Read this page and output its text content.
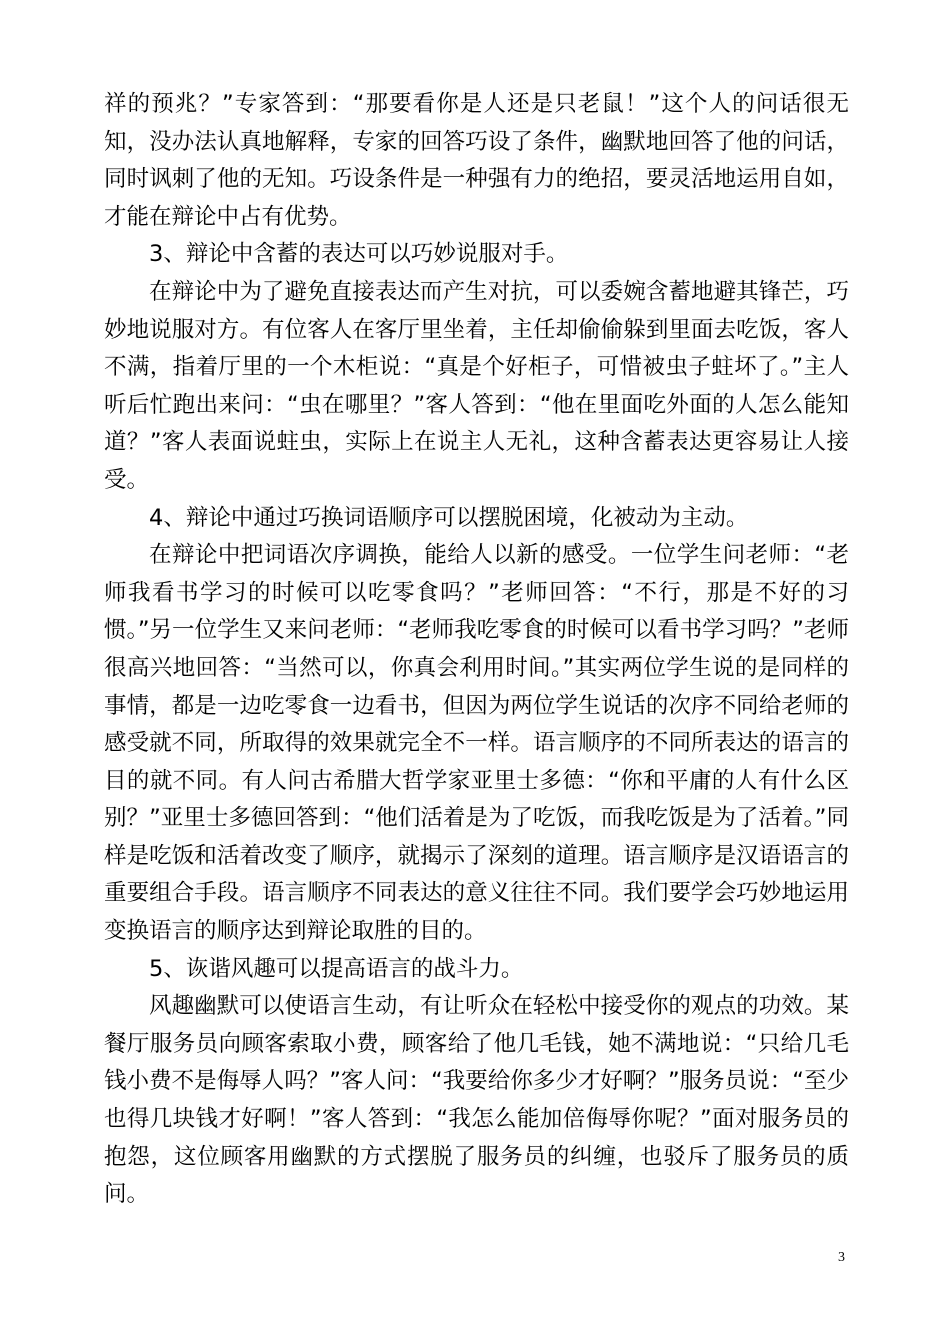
祥的预兆？”专家答到：“那要看你是人还是只老鼠！”这个人的问话很无知，没办法认真地解释，专家的回答巧设了条件，幽默地回答了他的问话，同时讽刺了他的无知。巧设条件是一种强有力的绝招，要灵活地运用自如，才能在辩论中占有优势。

3、辩论中含蓄的表达可以巧妙说服对手。

在辩论中为了避免直接表达而产生对抗，可以委婉含蓄地避其锋芒，巧妙地说服对方。有位客人在客厅里坐着，主任却偷偷躲到里面去吃饭，客人不满，指着厅里的一个木柜说：“真是个好柜子，可惜被虫子蛀坏了。”主人听后忙跑出来问：“虫在哪里？”客人答到：“他在里面吃外面的人怎么能知道？”客人表面说蛀虫，实际上在说主人无礼，这种含蓄表达更容易让人接受。

4、辩论中通过巧换词语顺序可以摆脱困境，化被动为主动。

在辩论中把词语次序调换，能给人以新的感受。一位学生问老师：“老师我看书学习的时候可以吃零食吗？”老师回答：“不行，那是不好的习惯。”另一位学生又来问老师：“老师我吃零食的时候可以看书学习吗？”老师很高兴地回答：“当然可以，你真会利用时间。”其实两位学生说的是同样的事情，都是一边吃零食一边看书，但因为两位学生说话的次序不同给老师的感受就不同，所取得的效果就完全不一样。语言顺序的不同所表达的语言的目的就不同。有人问古希腊大哲学家亚里士多德：“你和平庸的人有什么区别？”亚里士多德回答到：“他们活着是为了吃饭，而我吃饭是为了活着。”同样是吃饭和活着改变了顺序，就揭示了深刻的道理。语言顺序是汉语语言的重要组合手段。语言顺序不同表达的意义往往不同。我们要学会巧妙地运用变换语言的顺序达到辩论取胜的目的。

5、诙谐风趣可以提高语言的战斗力。

风趣幽默可以使语言生动，有让听众在轻松中接受你的观点的功效。某餐厅服务员向顾客索取小费，顾客给了他几毛钱，她不满地说：“只给几毛钱小费不是侮辱人吗？”客人问：“我要给你多少才好啊？”服务员说：“至少也得几块钱才好啊！”客人答到：“我怎么能加倍侮辱你呢？”面对服务员的抱怨，这位顾客用幽默的方式摆脱了服务员的纠缠，也驳斥了服务员的质问。

3
